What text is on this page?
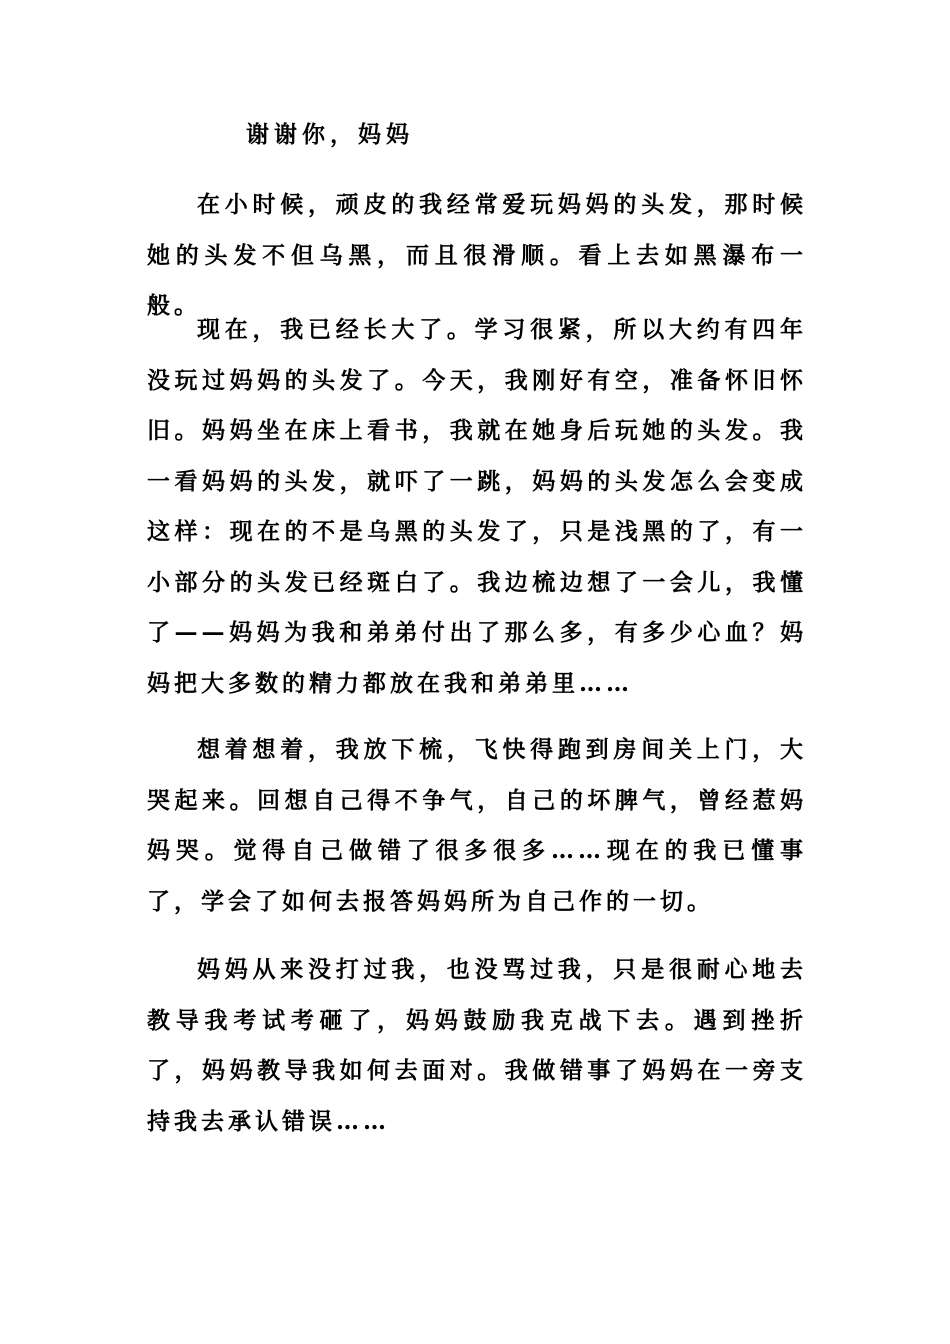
谢谢你，妈妈

在小时候，顽皮的我经常爱玩妈妈的头发，那时候她的头发不但乌黑，而且很滑顺。看上去如黑瀑布一般。

现在，我已经长大了。学习很紧，所以大约有四年没玩过妈妈的头发了。今天，我刚好有空，准备怀旧怀旧。妈妈坐在床上看书，我就在她身后玩她的头发。我一看妈妈的头发，就吓了一跳，妈妈的头发怎么会变成这样：现在的不是乌黑的头发了，只是浅黑的了，有一小部分的头发已经斑白了。我边梳边想了一会儿，我懂了——妈妈为我和弟弟付出了那么多，有多少心血？妈妈把大多数的精力都放在我和弟弟里……

想着想着，我放下梳，飞快得跑到房间关上门，大哭起来。回想自己得不争气，自己的坏脾气，曾经惹妈妈哭。觉得自己做错了很多很多……现在的我已懂事了，学会了如何去报答妈妈所为自己作的一切。

妈妈从来没打过我，也没骂过我，只是很耐心地去教导我考试考砸了，妈妈鼓励我克战下去。遇到挫折了，妈妈教导我如何去面对。我做错事了妈妈在一旁支持我去承认错误……
